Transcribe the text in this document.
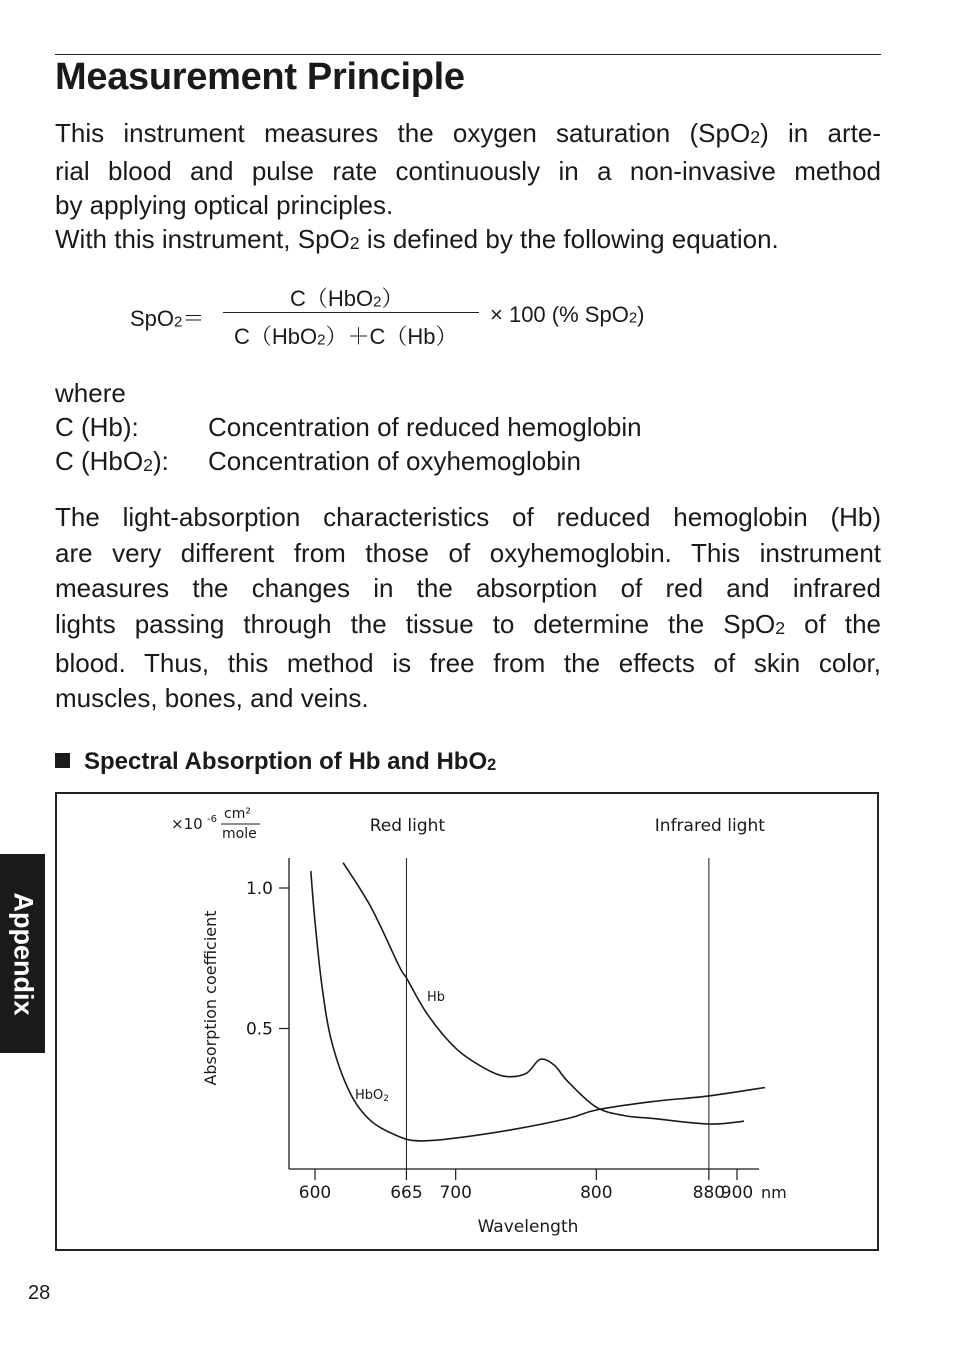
Measurement Principle
This instrument measures the oxygen saturation (SpO$_2$) in arte-
rial blood and pulse rate continuously in a non-invasive method
by applying optical principles.
With this instrument, SpO$_2$ is defined by the following equation.
SpO$_2$＝
C（HbO$_2$）
C（HbO$_2$）＋C（Hb）
× 100 (% SpO$_2$)
where
C (Hb):	Concentration of reduced hemoglobin
C (HbO$_2$): Concentration of oxyhemoglobin
The light-absorption characteristics of reduced hemoglobin (Hb)
are very different from those of oxyhemoglobin. This instrument
measures the changes in the absorption of red and infrared
lights passing through the tissue to determine the SpO$_2$ of the
blood. Thus, this method is free from the effects of skin color,
muscles, bones, and veins.
Spectral Absorption of Hb and HbO$_2$
×10 -6 cm²
mole
Absorption coefficient
Wavelength
nm
0.5
1.0
600	665 700	800	880
900
Red light	Infrared light
Hb
HbO2
Appendix
28
